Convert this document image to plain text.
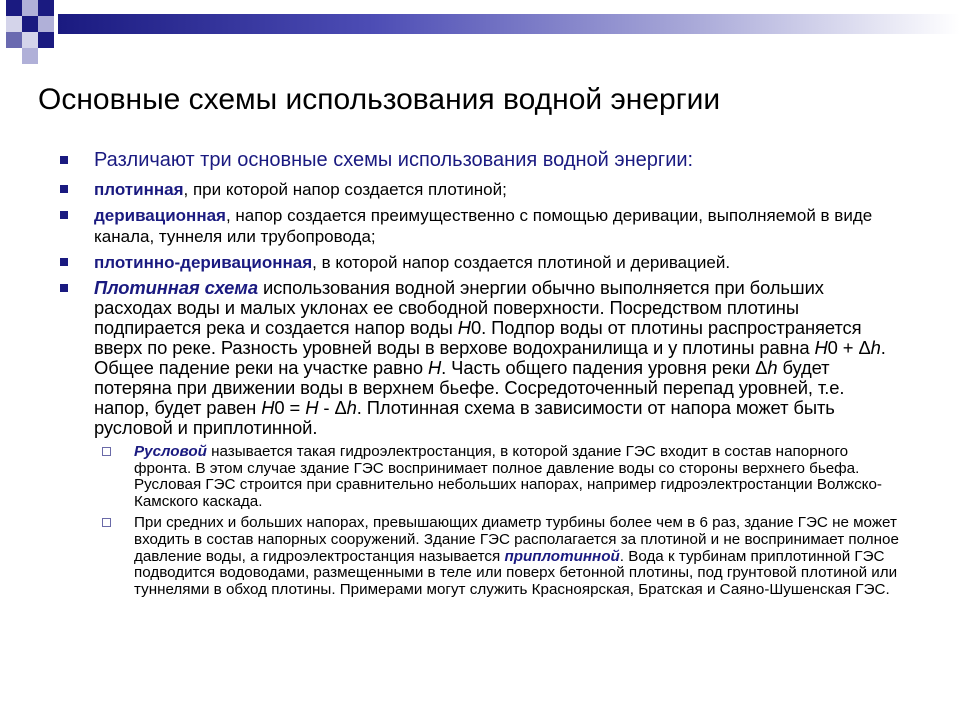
Основные схемы использования водной энергии
Различают три основные схемы использования водной энергии:
плотинная, при которой напор создается плотиной;
деривационная, напор создается преимущественно с помощью деривации, выполняемой в виде канала, туннеля или трубопровода;
плотинно-деривационная, в которой напор создается плотиной и деривацией.
Плотинная схема использования водной энергии обычно выполняется при больших расходах воды и малых уклонах ее свободной поверхности. Посредством плотины подпирается река и создается напор воды H0. Подпор воды от плотины распространяется вверх по реке. Разность уровней воды в верхове водохранилища и у плотины равна H0 + Δh. Общее падение реки на участке равно H. Часть общего падения уровня реки Δh будет потеряна при движении воды в верхнем бьефе. Сосредоточенный перепад уровней, т.е. напор, будет равен H0 = H - Δh. Плотинная схема в зависимости от напора может быть русловой и приплотинной.
Русловой называется такая гидроэлектростанция, в которой здание ГЭС входит в состав напорного фронта. В этом случае здание ГЭС воспринимает полное давление воды со стороны верхнего бьефа. Русловая ГЭС строится при сравнительно небольших напорах, например гидроэлектростанции Волжско-Камского каскада.
При средних и больших напорах, превышающих диаметр турбины более чем в 6 раз, здание ГЭС не может входить в состав напорных сооружений. Здание ГЭС располагается за плотиной и не воспринимает полное давление воды, а гидроэлектростанция называется приплотинной. Вода к турбинам приплотинной ГЭС подводится водоводами, размещенными в теле или поверх бетонной плотины, под грунтовой плотиной или туннелями в обход плотины. Примерами могут служить Красноярская, Братская и Саяно-Шушенская ГЭС.
